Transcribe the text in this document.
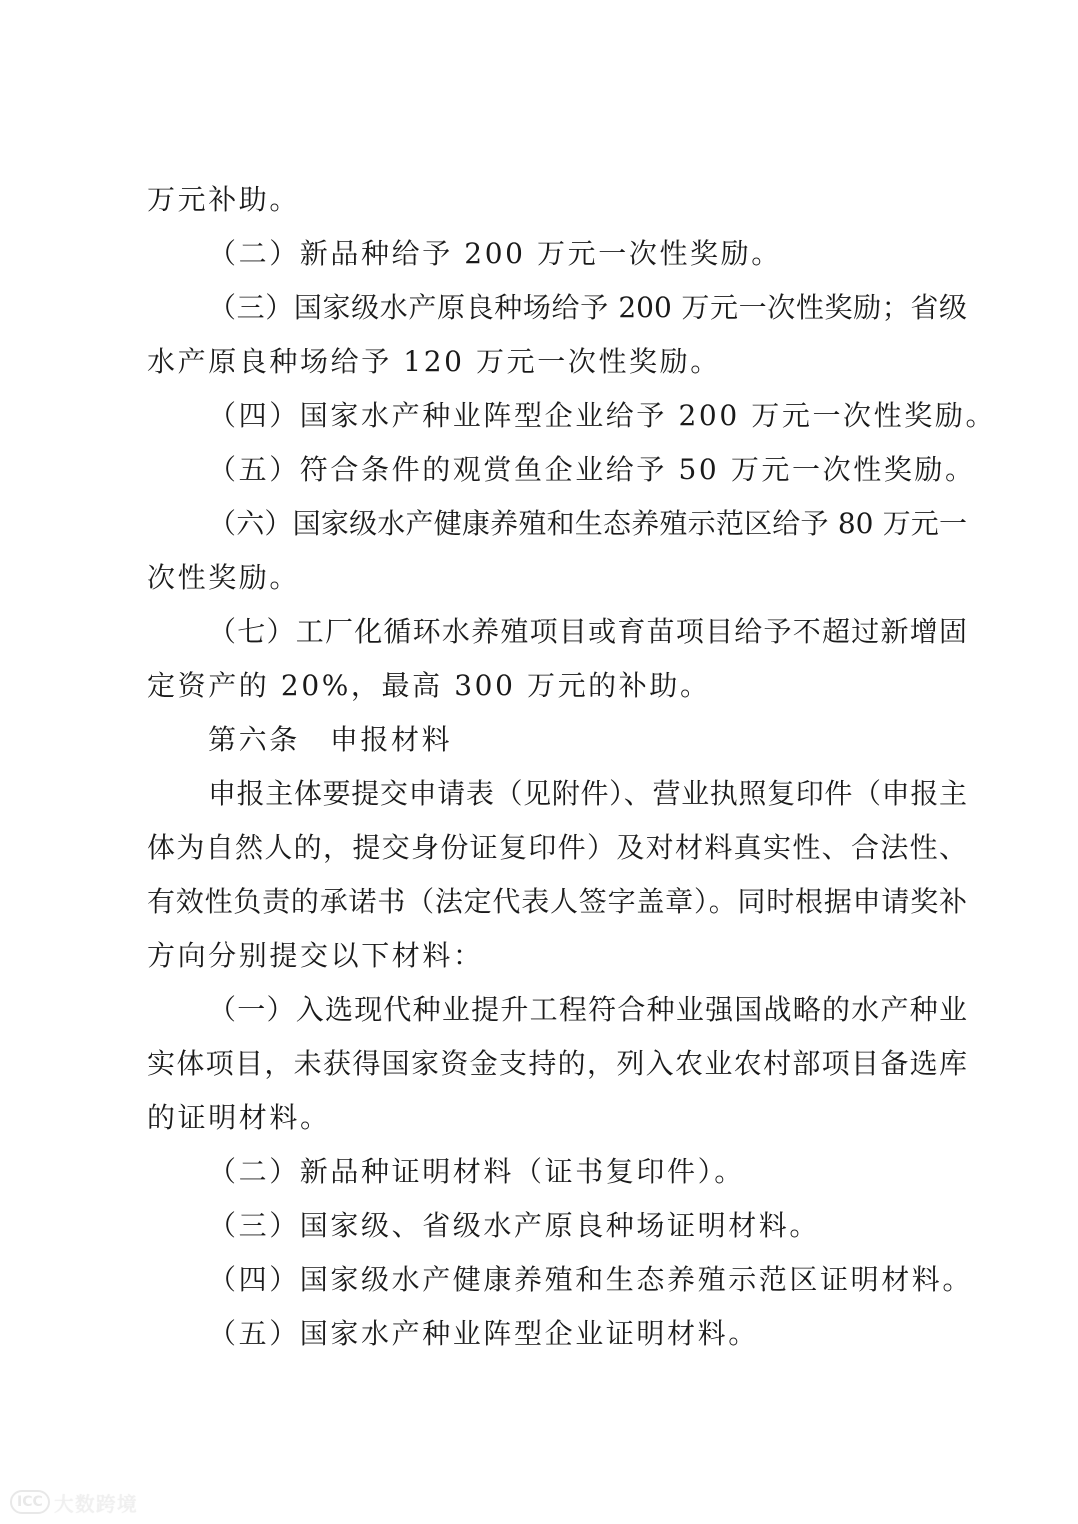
万元补助。
（二）新品种给予 200 万元一次性奖励。
（三）国家级水产原良种场给予 200 万元一次性奖励；省级
水产原良种场给予 120 万元一次性奖励。
（四）国家水产种业阵型企业给予 200 万元一次性奖励。
（五）符合条件的观赏鱼企业给予 50 万元一次性奖励。
（六）国家级水产健康养殖和生态养殖示范区给予 80 万元一
次性奖励。
（七）工厂化循环水养殖项目或育苗项目给予不超过新增固
定资产的 20%，最高 300 万元的补助。
第六条 申报材料
申报主体要提交申请表（见附件）、营业执照复印件（申报主
体为自然人的，提交身份证复印件）及对材料真实性、合法性、
有效性负责的承诺书（法定代表人签字盖章）。同时根据申请奖补
方向分别提交以下材料：
（一）入选现代种业提升工程符合种业强国战略的水产种业
实体项目，未获得国家资金支持的，列入农业农村部项目备选库
的证明材料。
（二）新品种证明材料（证书复印件）。
（三）国家级、省级水产原良种场证明材料。
（四）国家级水产健康养殖和生态养殖示范区证明材料。
（五）国家水产种业阵型企业证明材料。
ICC 大数跨境
